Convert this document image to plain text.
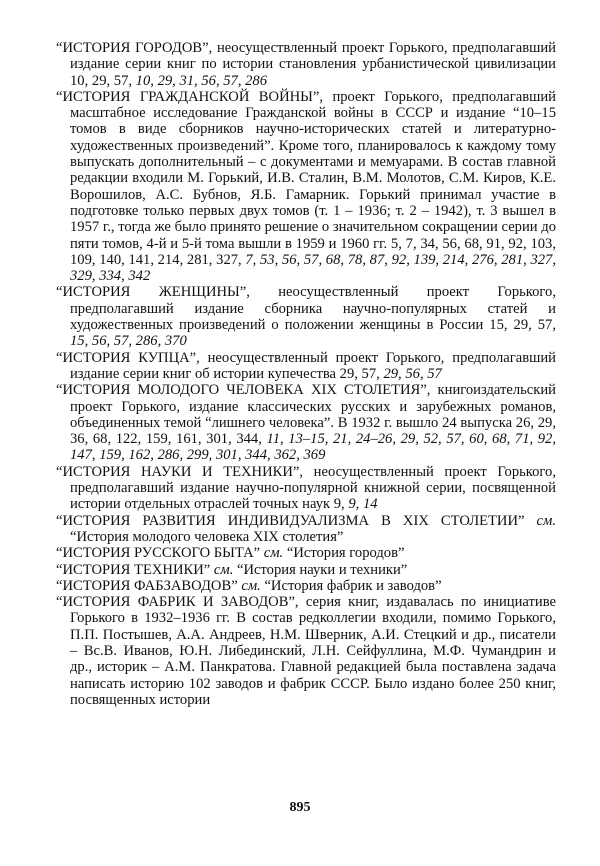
“ИСТОРИЯ ГОРОДОВ”, неосуществленный проект Горького, предполагавший издание серии книг по истории становления урбанистической цивилизации 10, 29, 57, 10, 29, 31, 56, 57, 286

“ИСТОРИЯ ГРАЖДАНСКОЙ ВОЙНЫ”, проект Горького, предполагавший масштабное исследование Гражданской войны в СССР и издание “10–15 томов в виде сборников научно-исторических статей и литературно-художественных произведений”. Кроме того, планировалось к каждому тому выпускать дополнительный – с документами и мемуарами. В состав главной редакции входили М. Горький, И.В. Сталин, В.М. Молотов, С.М. Киров, К.Е. Ворошилов, А.С. Бубнов, Я.Б. Гамарник. Горький принимал участие в подготовке только первых двух томов (т. 1 – 1936; т. 2 – 1942), т. 3 вышел в 1957 г., тогда же было принято решение о значительном сокращении серии до пяти томов, 4-й и 5-й тома вышли в 1959 и 1960 гг. 5, 7, 34, 56, 68, 91, 92, 103, 109, 140, 141, 214, 281, 327, 7, 53, 56, 57, 68, 78, 87, 92, 139, 214, 276, 281, 327, 329, 334, 342

“ИСТОРИЯ ЖЕНЩИНЫ”, неосуществленный проект Горького, предполагавший издание сборника научно-популярных статей и художественных произведений о положении женщины в России 15, 29, 57, 15, 56, 57, 286, 370

“ИСТОРИЯ КУПЦА”, неосуществленный проект Горького, предполагавший издание серии книг об истории купечества 29, 57, 29, 56, 57

“ИСТОРИЯ МОЛОДОГО ЧЕЛОВЕКА XIX СТОЛЕТИЯ”, книгоиздательский проект Горького, издание классических русских и зарубежных романов, объединенных темой “лишнего человека”. В 1932 г. вышло 24 выпуска 26, 29, 36, 68, 122, 159, 161, 301, 344, 11, 13–15, 21, 24–26, 29, 52, 57, 60, 68, 71, 92, 147, 159, 162, 286, 299, 301, 344, 362, 369

“ИСТОРИЯ НАУКИ И ТЕХНИКИ”, неосуществленный проект Горького, предполагавший издание научно-популярной книжной серии, посвященной истории отдельных отраслей точных наук 9, 9, 14

“ИСТОРИЯ РАЗВИТИЯ ИНДИВИДУАЛИЗМА В XIX СТОЛЕТИИ” см. “История молодого человека XIX столетия”

“ИСТОРИЯ РУССКОГО БЫТА” см. “История городов”

“ИСТОРИЯ ТЕХНИКИ” см. “История науки и техники”

“ИСТОРИЯ ФАБЗАВОДОВ” см. “История фабрик и заводов”

“ИСТОРИЯ ФАБРИК И ЗАВОДОВ”, серия книг, издавалась по инициативе Горького в 1932–1936 гг. В состав редколлегии входили, помимо Горького, П.П. Постышев, А.А. Андреев, Н.М. Шверник, А.И. Стецкий и др., писатели – Вс.В. Иванов, Ю.Н. Либединский, Л.Н. Сейфуллина, М.Ф. Чумандрин и др., историк – А.М. Панкратова. Главной редакцией была поставлена задача написать историю 102 заводов и фабрик СССР. Было издано более 250 книг, посвященных истории

895
